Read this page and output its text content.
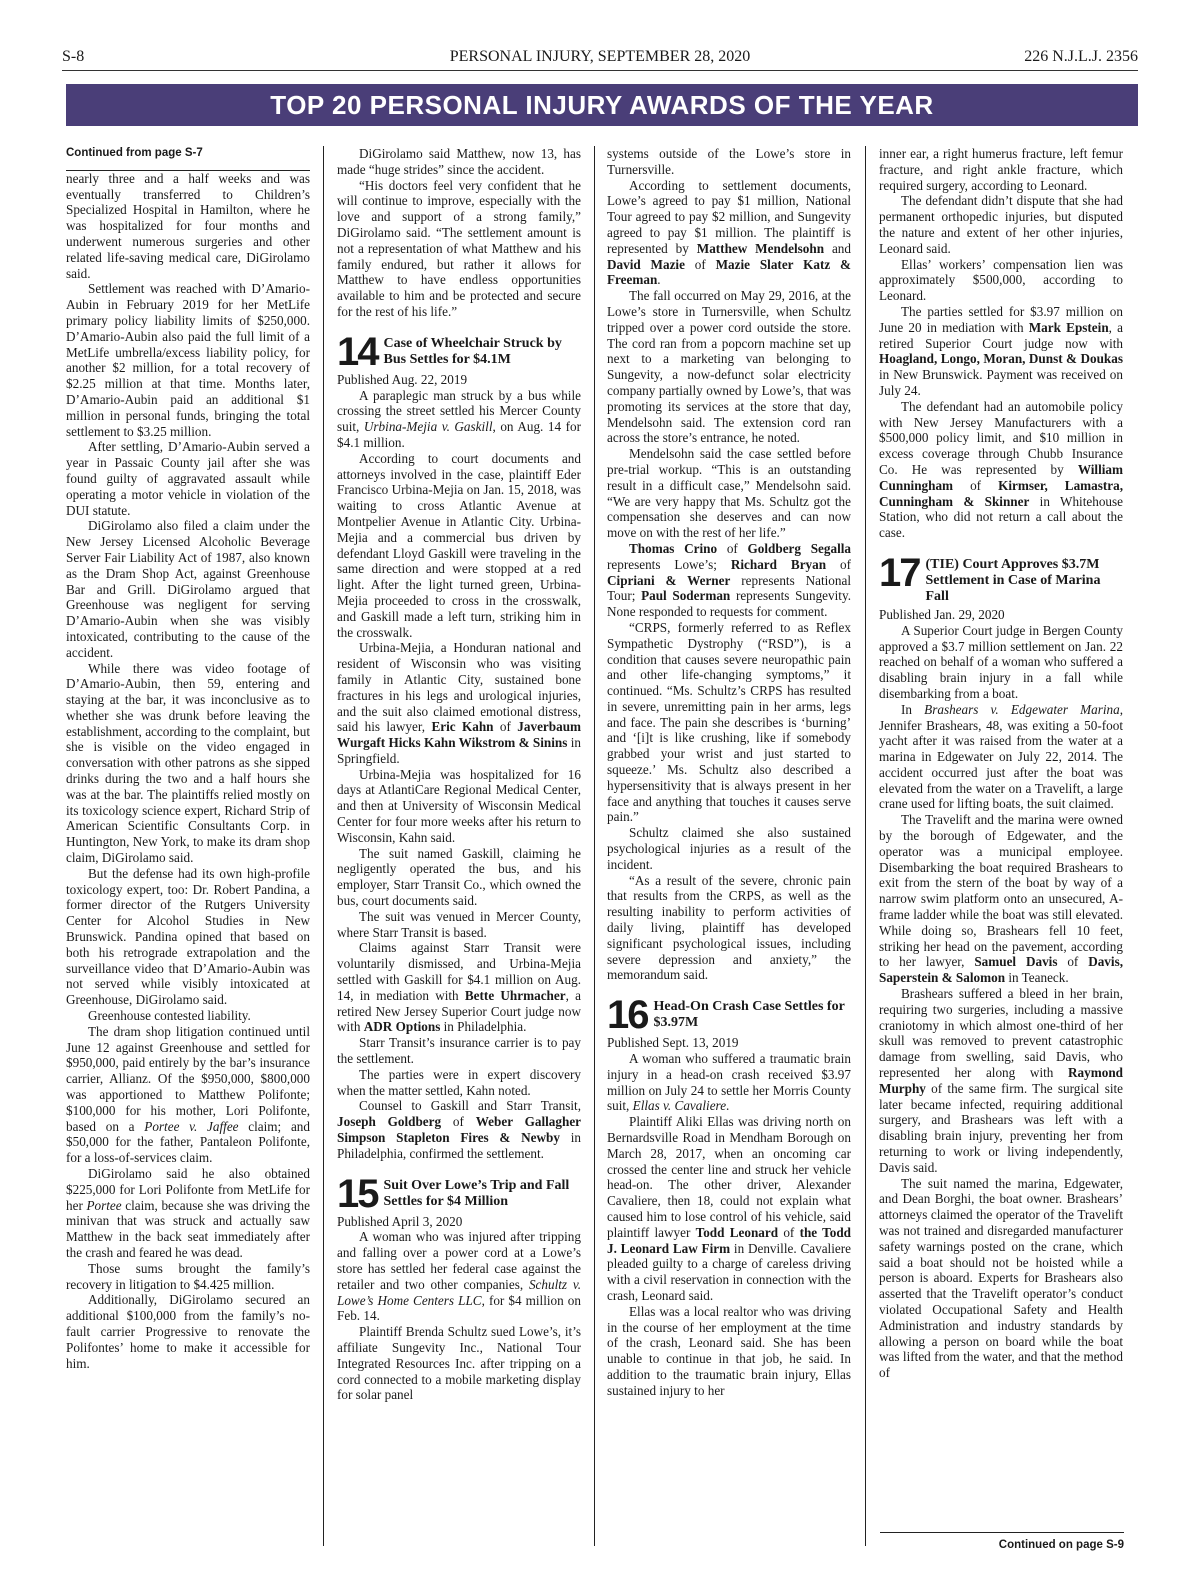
S-8	PERSONAL INJURY, SEPTEMBER 28, 2020	226 N.J.L.J. 2356
TOP 20 PERSONAL INJURY AWARDS OF THE YEAR

Continued from page S-7

nearly three and a half weeks and was eventually transferred to Children’s Specialized Hospital in Hamilton, where he was hospitalized for four months and underwent numerous surgeries and other related life-saving medical care, DiGirolamo said.

Settlement was reached with D’Amario-Aubin in February 2019 for her MetLife primary policy liability limits of $250,000. D’Amario-Aubin also paid the full limit of a MetLife umbrella/excess liability policy, for another $2 million, for a total recovery of $2.25 million at that time. Months later, D’Amario-Aubin paid an additional $1 million in personal funds, bringing the total settlement to $3.25 million.

After settling, D’Amario-Aubin served a year in Passaic County jail after she was found guilty of aggravated assault while operating a motor vehicle in violation of the DUI statute.

DiGirolamo also filed a claim under the New Jersey Licensed Alcoholic Beverage Server Fair Liability Act of 1987, also known as the Dram Shop Act, against Greenhouse Bar and Grill. DiGirolamo argued that Greenhouse was negligent for serving D’Amario-Aubin when she was visibly intoxicated, contributing to the cause of the accident.

While there was video footage of D’Amario-Aubin, then 59, entering and staying at the bar, it was inconclusive as to whether she was drunk before leaving the establishment, according to the complaint, but she is visible on the video engaged in conversation with other patrons as she sipped drinks during the two and a half hours she was at the bar. The plaintiffs relied mostly on its toxicology science expert, Richard Strip of American Scientific Consultants Corp. in Huntington, New York, to make its dram shop claim, DiGirolamo said.

But the defense had its own high-profile toxicology expert, too: Dr. Robert Pandina, a former director of the Rutgers University Center for Alcohol Studies in New Brunswick. Pandina opined that based on both his retrograde extrapolation and the surveillance video that D’Amario-Aubin was not served while visibly intoxicated at Greenhouse, DiGirolamo said.

Greenhouse contested liability.

The dram shop litigation continued until June 12 against Greenhouse and settled for $950,000, paid entirely by the bar’s insurance carrier, Allianz. Of the $950,000, $800,000 was apportioned to Matthew Polifonte; $100,000 for his mother, Lori Polifonte, based on a Portee v. Jaffee claim; and $50,000 for the father, Pantaleon Polifonte, for a loss-of-services claim.

DiGirolamo said he also obtained $225,000 for Lori Polifonte from MetLife for her Portee claim, because she was driving the minivan that was struck and actually saw Matthew in the back seat immediately after the crash and feared he was dead.

Those sums brought the family’s recovery in litigation to $4.425 million.

Additionally, DiGirolamo secured an additional $100,000 from the family’s no-fault carrier Progressive to renovate the Polifontes’ home to make it accessible for him.

DiGirolamo said Matthew, now 13, has made “huge strides” since the accident.

“His doctors feel very confident that he will continue to improve, especially with the love and support of a strong family,” DiGirolamo said. “The settlement amount is not a representation of what Matthew and his family endured, but rather it allows for Matthew to have endless opportunities available to him and be protected and secure for the rest of his life.”

14 Case of Wheelchair Struck by Bus Settles for $4.1M

Published Aug. 22, 2019

A paraplegic man struck by a bus while crossing the street settled his Mercer County suit, Urbina-Mejia v. Gaskill, on Aug. 14 for $4.1 million.

According to court documents and attorneys involved in the case, plaintiff Eder Francisco Urbina-Mejia on Jan. 15, 2018, was waiting to cross Atlantic Avenue at Montpelier Avenue in Atlantic City. Urbina-Mejia and a commercial bus driven by defendant Lloyd Gaskill were traveling in the same direction and were stopped at a red light. After the light turned green, Urbina-Mejia proceeded to cross in the crosswalk, and Gaskill made a left turn, striking him in the crosswalk.

Urbina-Mejia, a Honduran national and resident of Wisconsin who was visiting family in Atlantic City, sustained bone fractures in his legs and urological injuries, and the suit also claimed emotional distress, said his lawyer, Eric Kahn of Javerbaum Wurgaft Hicks Kahn Wikstrom & Sinins in Springfield.

Urbina-Mejia was hospitalized for 16 days at AtlantiCare Regional Medical Center, and then at University of Wisconsin Medical Center for four more weeks after his return to Wisconsin, Kahn said.

The suit named Gaskill, claiming he negligently operated the bus, and his employer, Starr Transit Co., which owned the bus, court documents said.

The suit was venued in Mercer County, where Starr Transit is based.

Claims against Starr Transit were voluntarily dismissed, and Urbina-Mejia settled with Gaskill for $4.1 million on Aug. 14, in mediation with Bette Uhrmacher, a retired New Jersey Superior Court judge now with ADR Options in Philadelphia.

Starr Transit’s insurance carrier is to pay the settlement.

The parties were in expert discovery when the matter settled, Kahn noted.

Counsel to Gaskill and Starr Transit, Joseph Goldberg of Weber Gallagher Simpson Stapleton Fires & Newby in Philadelphia, confirmed the settlement.

15 Suit Over Lowe’s Trip and Fall Settles for $4 Million

Published April 3, 2020

A woman who was injured after tripping and falling over a power cord at a Lowe’s store has settled her federal case against the retailer and two other companies, Schultz v. Lowe’s Home Centers LLC, for $4 million on Feb. 14.

Plaintiff Brenda Schultz sued Lowe’s, it’s affiliate Sungevity Inc., National Tour Integrated Resources Inc. after tripping on a cord connected to a mobile marketing display for solar panel

systems outside of the Lowe’s store in Turnersville.

According to settlement documents, Lowe’s agreed to pay $1 million, National Tour agreed to pay $2 million, and Sungevity agreed to pay $1 million. The plaintiff is represented by Matthew Mendelsohn and David Mazie of Mazie Slater Katz & Freeman.

The fall occurred on May 29, 2016, at the Lowe’s store in Turnersville, when Schultz tripped over a power cord outside the store. The cord ran from a popcorn machine set up next to a marketing van belonging to Sungevity, a now-defunct solar electricity company partially owned by Lowe’s, that was promoting its services at the store that day, Mendelsohn said. The extension cord ran across the store’s entrance, he noted.

Mendelsohn said the case settled before pre-trial workup. “This is an outstanding result in a difficult case,” Mendelsohn said. “We are very happy that Ms. Schultz got the compensation she deserves and can now move on with the rest of her life.”

Thomas Crino of Goldberg Segalla represents Lowe’s; Richard Bryan of Cipriani & Werner represents National Tour; Paul Soderman represents Sungevity. None responded to requests for comment.

“CRPS, formerly referred to as Reflex Sympathetic Dystrophy (“RSD”), is a condition that causes severe neuropathic pain and other life-changing symptoms,” it continued. “Ms. Schultz’s CRPS has resulted in severe, unremitting pain in her arms, legs and face. The pain she describes is ‘burning’ and ‘[i]t is like crushing, like if somebody grabbed your wrist and just started to squeeze.’ Ms. Schultz also described a hypersensitivity that is always present in her face and anything that touches it causes serve pain.”

Schultz claimed she also sustained psychological injuries as a result of the incident.

“As a result of the severe, chronic pain that results from the CRPS, as well as the resulting inability to perform activities of daily living, plaintiff has developed significant psychological issues, including severe depression and anxiety,” the memorandum said.

16 Head-On Crash Case Settles for $3.97M

Published Sept. 13, 2019

A woman who suffered a traumatic brain injury in a head-on crash received $3.97 million on July 24 to settle her Morris County suit, Ellas v. Cavaliere.

Plaintiff Aliki Ellas was driving north on Bernardsville Road in Mendham Borough on March 28, 2017, when an oncoming car crossed the center line and struck her vehicle head-on. The other driver, Alexander Cavaliere, then 18, could not explain what caused him to lose control of his vehicle, said plaintiff lawyer Todd Leonard of the Todd J. Leonard Law Firm in Denville. Cavaliere pleaded guilty to a charge of careless driving with a civil reservation in connection with the crash, Leonard said.

Ellas was a local realtor who was driving in the course of her employment at the time of the crash, Leonard said. She has been unable to continue in that job, he said. In addition to the traumatic brain injury, Ellas sustained injury to her

inner ear, a right humerus fracture, left femur fracture, and right ankle fracture, which required surgery, according to Leonard.

The defendant didn’t dispute that she had permanent orthopedic injuries, but disputed the nature and extent of her other injuries, Leonard said.

Ellas’ workers’ compensation lien was approximately $500,000, according to Leonard.

The parties settled for $3.97 million on June 20 in mediation with Mark Epstein, a retired Superior Court judge now with Hoagland, Longo, Moran, Dunst & Doukas in New Brunswick. Payment was received on July 24.

The defendant had an automobile policy with New Jersey Manufacturers with a $500,000 policy limit, and $10 million in excess coverage through Chubb Insurance Co. He was represented by William Cunningham of Kirmser, Lamastra, Cunningham & Skinner in Whitehouse Station, who did not return a call about the case.

17 (TIE) Court Approves $3.7M Settlement in Case of Marina Fall

Published Jan. 29, 2020

A Superior Court judge in Bergen County approved a $3.7 million settlement on Jan. 22 reached on behalf of a woman who suffered a disabling brain injury in a fall while disembarking from a boat.

In Brashears v. Edgewater Marina, Jennifer Brashears, 48, was exiting a 50-foot yacht after it was raised from the water at a marina in Edgewater on July 22, 2014. The accident occurred just after the boat was elevated from the water on a Travelift, a large crane used for lifting boats, the suit claimed.

The Travelift and the marina were owned by the borough of Edgewater, and the operator was a municipal employee. Disembarking the boat required Brashears to exit from the stern of the boat by way of a narrow swim platform onto an unsecured, A-frame ladder while the boat was still elevated. While doing so, Brashears fell 10 feet, striking her head on the pavement, according to her lawyer, Samuel Davis of Davis, Saperstein & Salomon in Teaneck.

Brashears suffered a bleed in her brain, requiring two surgeries, including a massive craniotomy in which almost one-third of her skull was removed to prevent catastrophic damage from swelling, said Davis, who represented her along with Raymond Murphy of the same firm. The surgical site later became infected, requiring additional surgery, and Brashears was left with a disabling brain injury, preventing her from returning to work or living independently, Davis said.

The suit named the marina, Edgewater, and Dean Borghi, the boat owner. Brashears’ attorneys claimed the operator of the Travelift was not trained and disregarded manufacturer safety warnings posted on the crane, which said a boat should not be hoisted while a person is aboard. Experts for Brashears also asserted that the Travelift operator’s conduct violated Occupational Safety and Health Administration and industry standards by allowing a person on board while the boat was lifted from the water, and that the method of

Continued on page S-9
